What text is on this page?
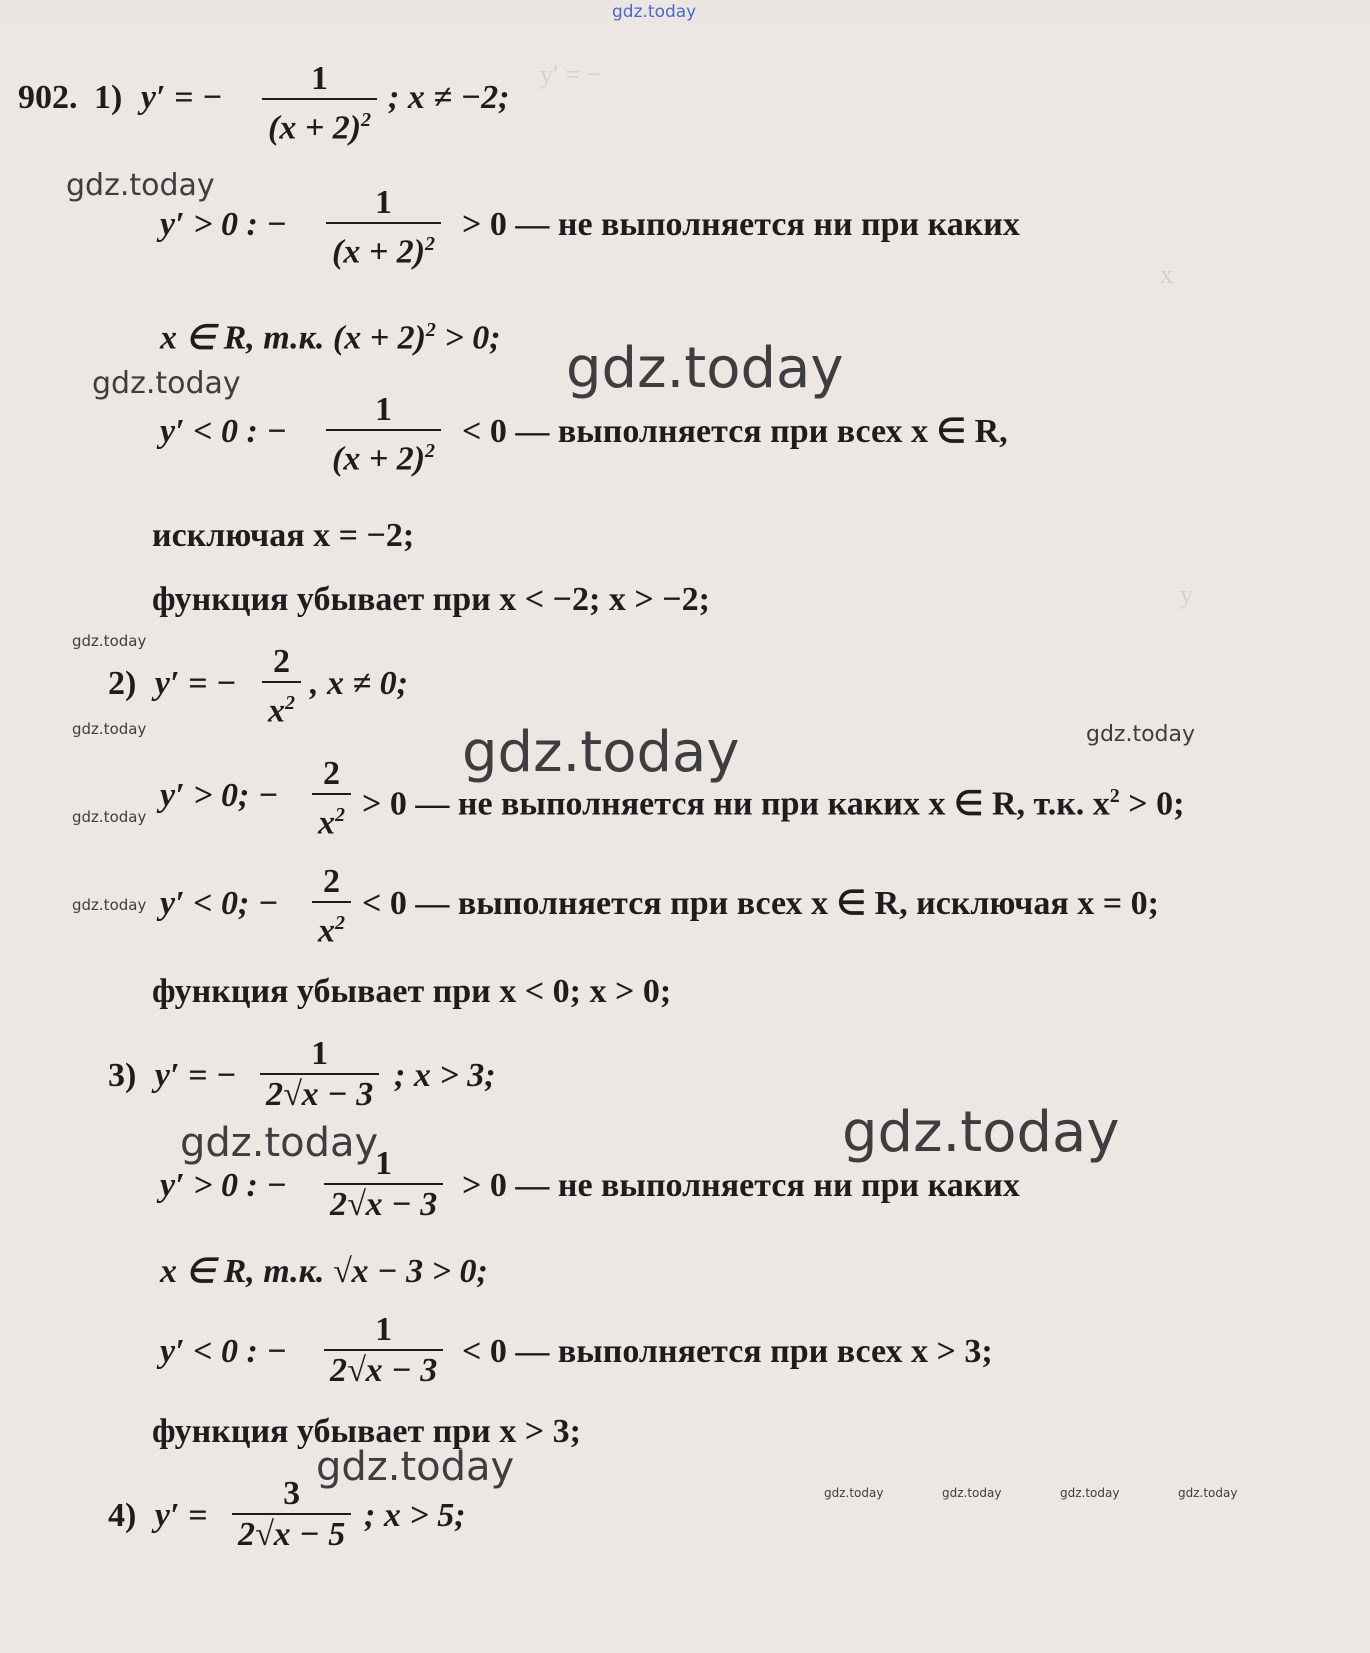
y′ = −
x
y
gdz.today
902. 1) y′ = − $\frac{1}{(x + 2)^2}$ ; x ≠ −2;
y′ > 0 : − $\frac{1}{(x + 2)^2} > 0$ — не выполняется ни при каких
x ∈ R, т.к. $(x + 2)^2 > 0$;
y′ < 0 : − $\frac{1}{(x + 2)^2} < 0$ — выполняется при всех x ∈ R,
исключая x = −2;
функция убывает при x < −2; x > −2;
2) y′ = − $\frac{2}{x^2}$ , x ≠ 0;
y′ > 0; − $\frac{2}{x^2} > 0$ — не выполняется ни при каких x ∈ R, т.к. $x^2 > 0$;
y′ < 0; − $\frac{2}{x^2} < 0$ — выполняется при всех x ∈ R, исключая x = 0;
функция убывает при x < 0; x > 0;
3) y′ = − $\frac{1}{2√x - 3}$ ; x > 3;
y′ > 0 : − $\frac{1}{2√x - 3} > 0$ — не выполняется ни при каких
x ∈ R, т.к. √x − 3 > 0;
y′ < 0 : − $\frac{1}{2√x - 3} < 0$ — выполняется при всех x > 3;
функция убывает при x > 3;
4) $y' = \frac{3}{2√x - 5}$ ; x > 5;
gdz.today
gdz.today	gdz.today
gdz.today
gdz.today	gdz.today	gdz.today
gdz.today
gdz.today
gdz.today	gdz.today
gdz.today
gdz.today	gdz.today	gdz.today	gdz.today
